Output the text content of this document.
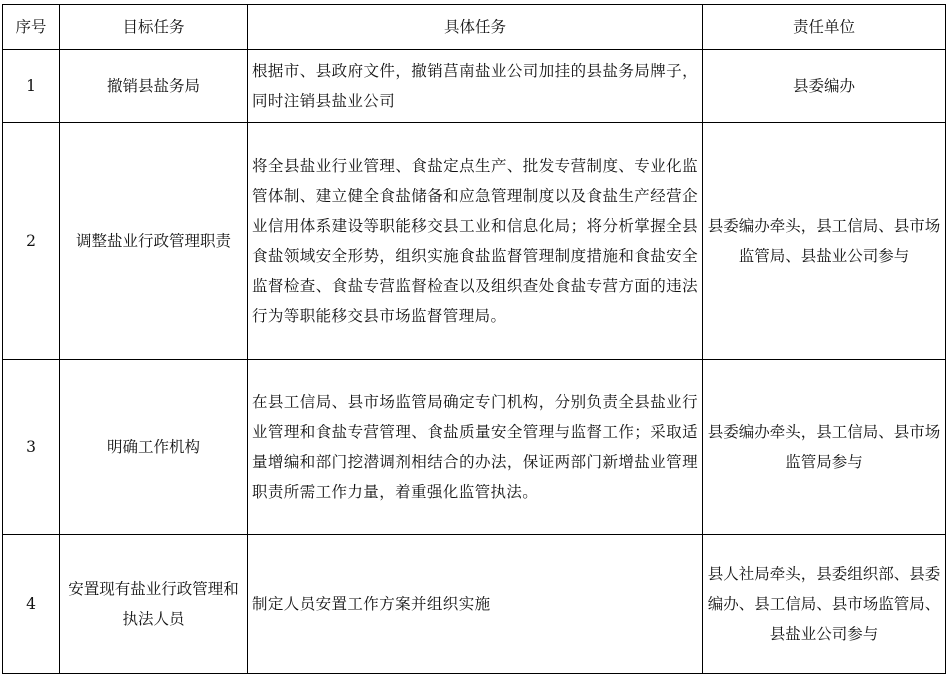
序号	目标任务	具体任务	责任单位
1	撤销县盐务局	根据市、县政府文件，撤销莒南盐业公司加挂的县盐务局牌子，同时注销县盐业公司	县委编办
2	调整盐业行政管理职责	将全县盐业行业管理、食盐定点生产、批发专营制度、专业化监管体制、建立健全食盐储备和应急管理制度以及食盐生产经营企业信用体系建设等职能移交县工业和信息化局；将分析掌握全县食盐领域安全形势，组织实施食盐监督管理制度措施和食盐安全监督检查、食盐专营监督检查以及组织查处食盐专营方面的违法行为等职能移交县市场监督管理局。	县委编办牵头，县工信局、县市场监管局、县盐业公司参与
3	明确工作机构	在县工信局、县市场监管局确定专门机构，分别负责全县盐业行业管理和食盐专营管理、食盐质量安全管理与监督工作；采取适量增编和部门挖潜调剂相结合的办法，保证两部门新增盐业管理职责所需工作力量，着重强化监管执法。	县委编办牵头，县工信局、县市场监管局参与
4	安置现有盐业行政管理和执法人员	制定人员安置工作方案并组织实施	县人社局牵头，县委组织部、县委编办、县工信局、县市场监管局、县盐业公司参与
